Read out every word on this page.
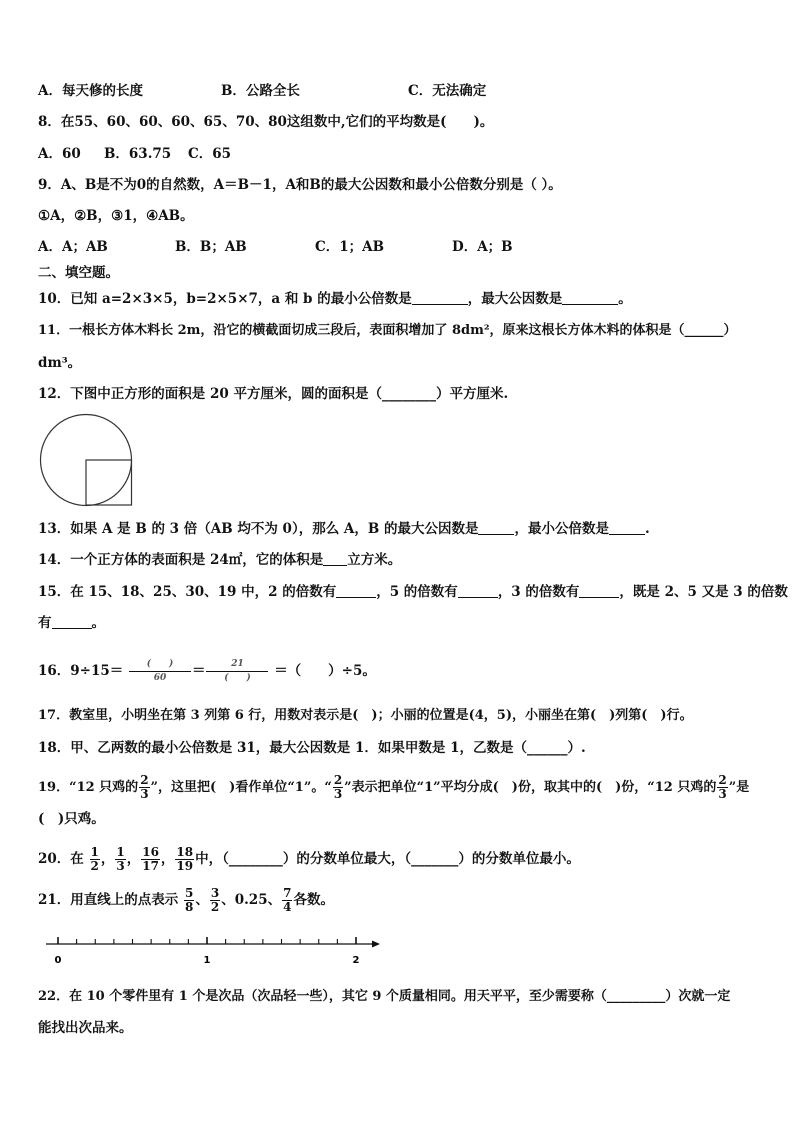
A．每天修的长度	B．公路全长	C．无法确定
8．在55、60、60、60、65、70、80这组数中,它们的平均数是(　　)。
A．60 B．63.75 C．65
9．A、B是不为0的自然数，A＝B－1，A和B的最大公因数和最小公倍数分别是（ ）。
①A，②B，③1，④AB。
A．A；AB	B．B；AB	C．1；AB	D．A；B
二、填空题。
10．已知 a=2×3×5，b=2×5×7，a 和 b 的最小公倍数是	，最大公因数是	。
11．一根长方体木料长 2m，沿它的横截面切成三段后，表面积增加了 8dm²，原来这根长方体木料的体积是（______）
dm³。
12．下图中正方形的面积是 20 平方厘米，圆的面积是（________）平方厘米.
13．如果 A 是 B 的 3 倍（AB 均不为 0），那么 A，B 的最大公因数是	，最小公倍数是	.
14．一个正方体的表面积是 24㎡，它的体积是 立方米。
15．在 15、18、25、30、19 中，2 的倍数有	，5 的倍数有	，3 的倍数有	，既是 2、5 又是 3 的倍数
有	。
16．$9\div 15= \frac{( )}{60} = \frac{21}{( )}$ ＝（　　）÷5。
17．教室里，小明坐在第 3 列第 6 行，用数对表示是(　)；小丽的位置是(4，5)，小丽坐在第(　)列第(　)行。
18．甲、乙两数的最小公倍数是 31，最大公因数是 1．如果甲数是 1，乙数是（______）.
19．“12 只鸡的 $\frac{2}{3}$ ”，这里把(　)看作单位“1”。“ $\frac{2}{3}$ ”表示把单位“1”平均分成(　)份，取其中的(　)份，“12 只鸡的 $\frac{2}{3}$ ”是
(　)只鸡。
20．在 $\frac{1}{2}$ ， $\frac{1}{3}$ ， $\frac{16}{17}$ ， $\frac{18}{19}$ 中，（________）的分数单位最大，（_______）的分数单位最小。
21．用直线上的点表示 $\frac{5}{8}$ 、 $\frac{3}{2}$ 、0.25、 $\frac{7}{4}$ 各数。
0	1	2
22．在 10 个零件里有 1 个是次品（次品轻一些），其它 9 个质量相同。用天平平，至少需要称（_________）次就一定
能找出次品来。
